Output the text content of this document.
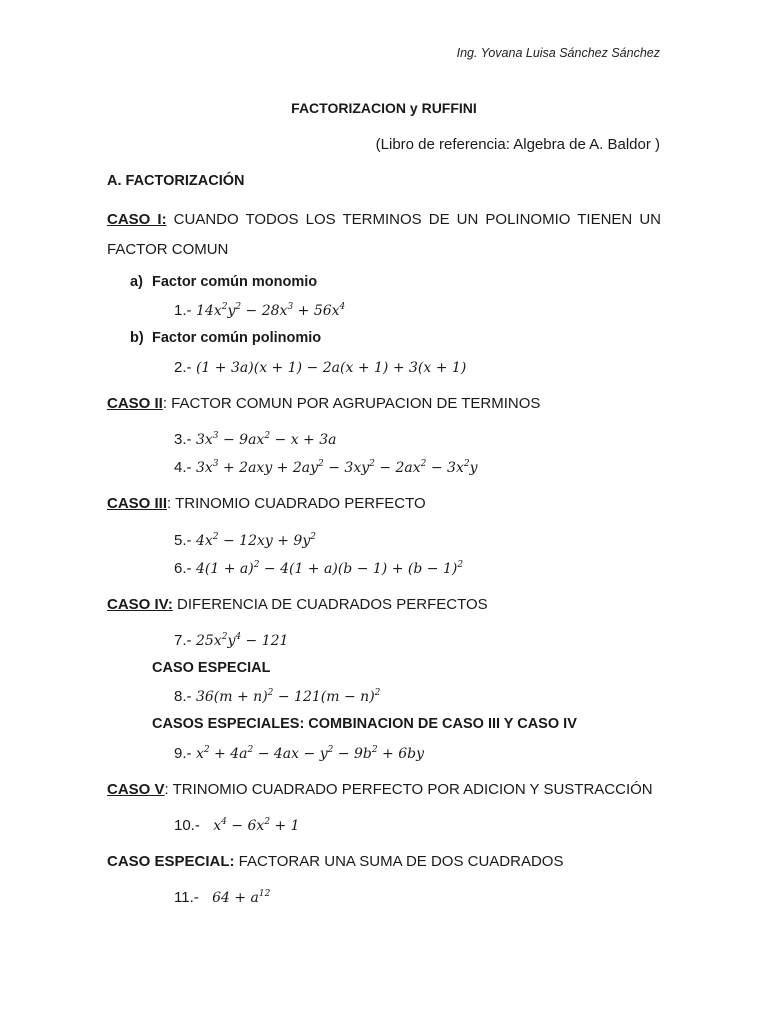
Ing. Yovana Luisa Sánchez Sánchez
FACTORIZACION y RUFFINI
(Libro de referencia: Algebra de A. Baldor )
A. FACTORIZACIÓN
CASO I: CUANDO TODOS LOS TERMINOS DE UN POLINOMIO TIENEN UN FACTOR COMUN
a) Factor común monomio
1.- $14x^2y^2 - 28x^3 + 56x^4$
b) Factor común polinomio
2.- (1 + 3a)(x + 1) − 2a(x + 1) + 3(x + 1)
CASO II: FACTOR COMUN POR AGRUPACION DE TERMINOS
3.- $3x^3 - 9ax^2 - x + 3a$
4.- $3x^3 + 2axy + 2ay^2 - 3xy^2 - 2ax^2 - 3x^2y$
CASO III: TRINOMIO CUADRADO PERFECTO
5.- $4x^2 - 12xy + 9y^2$
6.- $4(1 + a)^2 - 4(1 + a)(b - 1) + (b - 1)^2$
CASO IV: DIFERENCIA DE CUADRADOS PERFECTOS
7.- $25x^2y^4 - 121$
CASO ESPECIAL
8.- $36(m + n)^2 - 121(m - n)^2$
CASOS ESPECIALES: COMBINACION DE CASO III Y CASO IV
9.- $x^2 + 4a^2 - 4ax - y^2 - 9b^2 + 6by$
CASO V: TRINOMIO CUADRADO PERFECTO POR ADICION Y SUSTRACCIÓN
10.- $x^4 - 6x^2 + 1$
CASO ESPECIAL: FACTORAR UNA SUMA DE DOS CUADRADOS
11.-   $64 + a^{12}$
